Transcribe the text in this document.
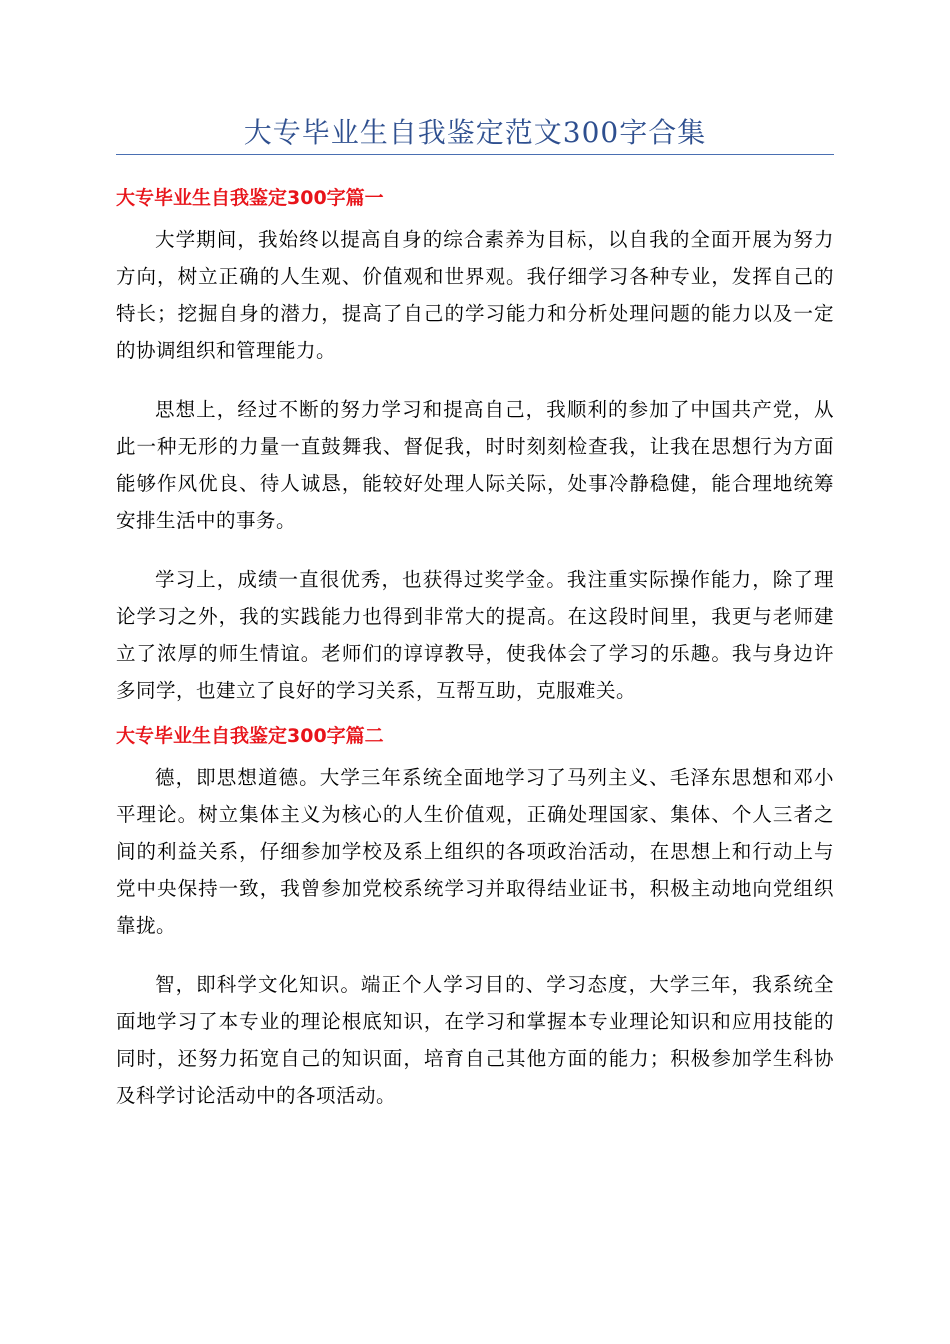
大专毕业生自我鉴定范文300字合集
大专毕业生自我鉴定300字篇一

大学期间，我始终以提高自身的综合素养为目标，以自我的全面开展为努力方向，树立正确的人生观、价值观和世界观。我仔细学习各种专业，发挥自己的特长；挖掘自身的潜力，提高了自己的学习能力和分析处理问题的能力以及一定的协调组织和管理能力。

思想上，经过不断的努力学习和提高自己，我顺利的参加了中国共产党，从此一种无形的力量一直鼓舞我、督促我，时时刻刻检查我，让我在思想行为方面能够作风优良、待人诚恳，能较好处理人际关际，处事冷静稳健，能合理地统筹安排生活中的事务。

学习上，成绩一直很优秀，也获得过奖学金。我注重实际操作能力，除了理论学习之外，我的实践能力也得到非常大的提高。在这段时间里，我更与老师建立了浓厚的师生情谊。老师们的谆谆教导，使我体会了学习的乐趣。我与身边许多同学，也建立了良好的学习关系，互帮互助，克服难关。

大专毕业生自我鉴定300字篇二

德，即思想道德。大学三年系统全面地学习了马列主义、毛泽东思想和邓小平理论。树立集体主义为核心的人生价值观，正确处理国家、集体、个人三者之间的利益关系，仔细参加学校及系上组织的各项政治活动，在思想上和行动上与党中央保持一致，我曾参加党校系统学习并取得结业证书，积极主动地向党组织靠拢。

智，即科学文化知识。端正个人学习目的、学习态度，大学三年，我系统全面地学习了本专业的理论根底知识，在学习和掌握本专业理论知识和应用技能的同时，还努力拓宽自己的知识面，培育自己其他方面的能力；积极参加学生科协及科学讨论活动中的各项活动。
